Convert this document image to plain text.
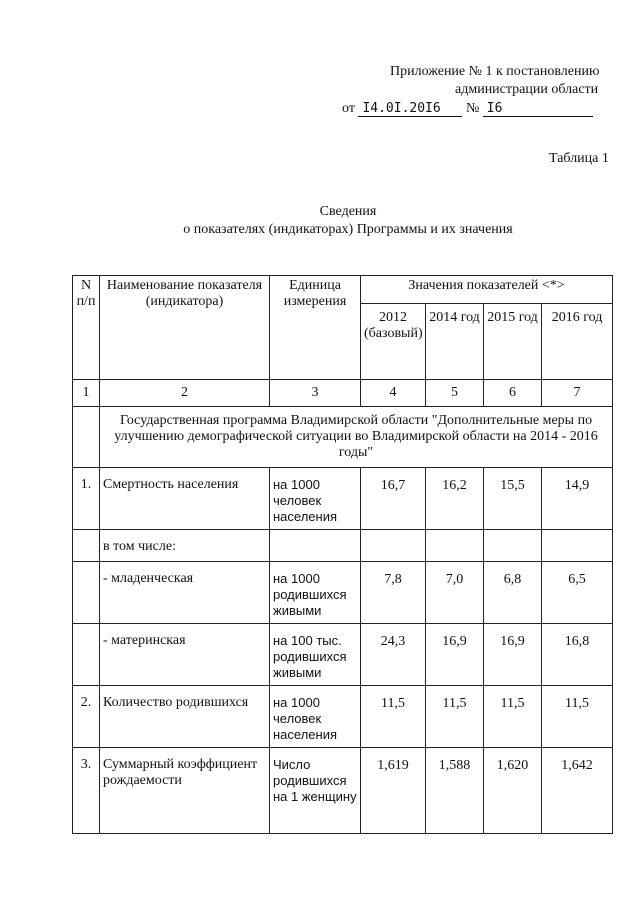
Приложение № 1 к постановлению
администрации области
от I4.0I.20I6 № I6
Таблица 1
Сведения
о показателях (индикаторах) Программы и их значения
N п/п	Наименование показателя (индикатора)	Единица измерения	Значения показателей <*>			
			2012 (базовый)	2014 год	2015 год	2016 год
1	2	3	4	5	6	7
	Государственная программа Владимирской области "Дополнительные меры по улучшению демографической ситуации во Владимирской области на 2014 - 2016 годы"					
1.	Смертность населения	на 1000 человек населения	16,7	16,2	15,5	14,9
	в том числе:					
	- младенческая	на 1000 родившихся живыми	7,8	7,0	6,8	6,5
	- материнская	на 100 тыс. родившихся живыми	24,3	16,9	16,9	16,8
2.	Количество родившихся	на 1000 человек населения	11,5	11,5	11,5	11,5
3.	Суммарный коэффициент рождаемости	Число родившихся на 1 женщину	1,619	1,588	1,620	1,642
